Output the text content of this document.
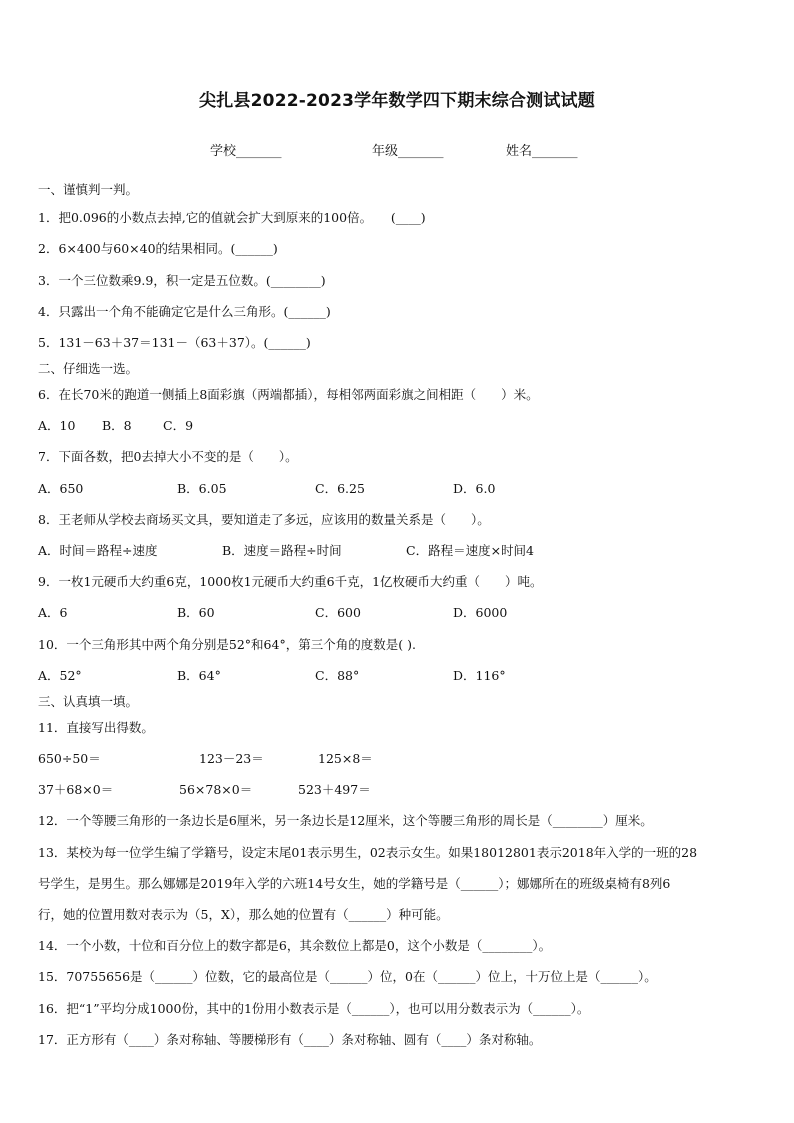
尖扎县2022-2023学年数学四下期末综合测试试题
学校_______	年级_______	姓名_______
一、谨慎判一判。
1．把0.096的小数点去掉,它的值就会扩大到原来的100倍。　　(____)
2．6×400与60×40的结果相同。(______)
3．一个三位数乘9.9，积一定是五位数。(________)
4．只露出一个角不能确定它是什么三角形。(______)
5．131－63＋37＝131－（63＋37）。(______)
二、仔细选一选。
6．在长70米的跑道一侧插上8面彩旗（两端都插），每相邻两面彩旗之间相距（　　）米。
A．10 B．8	C．9
7．下面各数，把0去掉大小不变的是（　　）。
A．650	B．6.05	C．6.25	D．6.0
8．王老师从学校去商场买文具，要知道走了多远，应该用的数量关系是（　　）。
A．时间＝路程÷速度	B．速度＝路程÷时间	C．路程＝速度×时间4
9．一枚1元硬币大约重6克，1000枚1元硬币大约重6千克，1亿枚硬币大约重（　　）吨。
A．6	B．60	C．600	D．6000
10．一个三角形其中两个角分别是52°和64°，第三个角的度数是( ).
A．52°	B．64°	C．88°	D．116°
三、认真填一填。
11．直接写出得数。
650÷50＝	123－23＝	125×8＝
37＋68×0＝	56×78×0＝	523＋497＝
12．一个等腰三角形的一条边长是6厘米，另一条边长是12厘米，这个等腰三角形的周长是（________）厘米。
13．某校为每一位学生编了学籍号，设定末尾01表示男生，02表示女生。如果18012801表示2018年入学的一班的28
号学生，是男生。那么娜娜是2019年入学的六班14号女生，她的学籍号是（______）；娜娜所在的班级桌椅有8列6
行，她的位置用数对表示为（5，X），那么她的位置有（______）种可能。
14．一个小数，十位和百分位上的数字都是6，其余数位上都是0，这个小数是（________）。
15．70755656是（______）位数，它的最高位是（______）位，0在（______）位上，十万位上是（______）。
16．把“1”平均分成1000份，其中的1份用小数表示是（______），也可以用分数表示为（______）。
17．正方形有（____）条对称轴、等腰梯形有（____）条对称轴、圆有（____）条对称轴。
